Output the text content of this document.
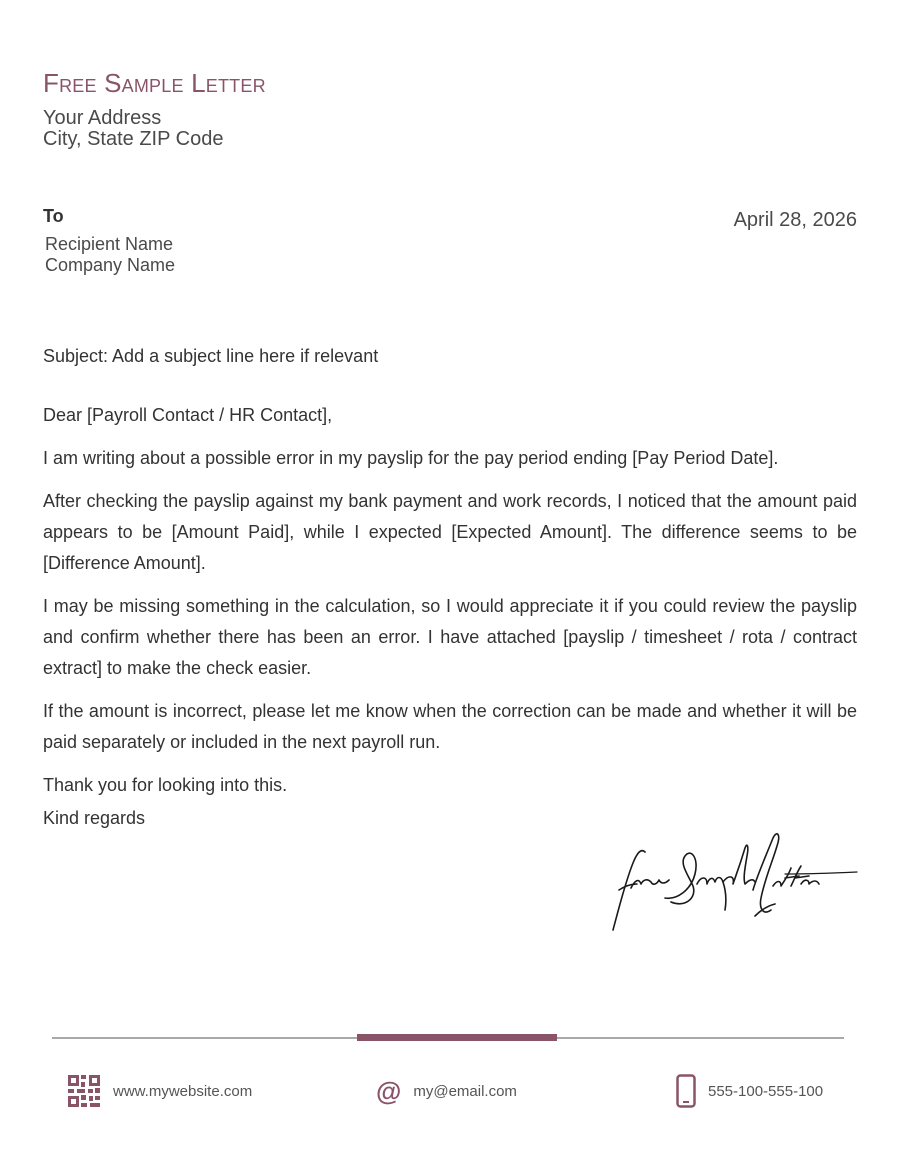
Free Sample Letter
Your Address
City, State ZIP Code
To
Recipient Name
Company Name
April 28, 2026
Subject: Add a subject line here if relevant

Dear [Payroll Contact / HR Contact],

I am writing about a possible error in my payslip for the pay period ending [Pay Period Date].

After checking the payslip against my bank payment and work records, I noticed that the amount paid appears to be [Amount Paid], while I expected [Expected Amount]. The difference seems to be [Difference Amount].

I may be missing something in the calculation, so I would appreciate it if you could review the payslip and confirm whether there has been an error. I have attached [payslip / timesheet / rota / contract extract] to make the check easier.

If the amount is incorrect, please let me know when the correction can be made and whether it will be paid separately or included in the next payroll run.

Thank you for looking into this.

Kind regards
www.mywebsite.com	@ my@email.com	555-100-555-100
